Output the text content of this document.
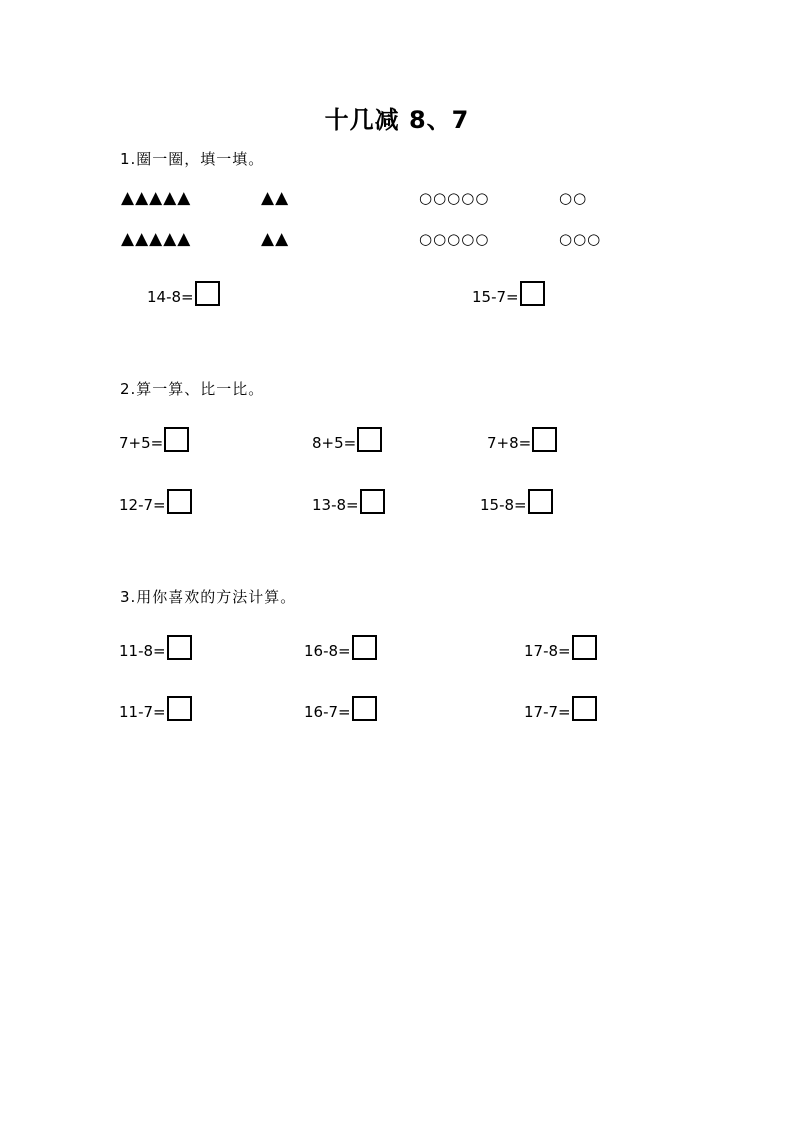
十几减 8、7
1.圈一圈，填一填。
▲▲▲▲▲	▲▲	○○○○○	○○
▲▲▲▲▲	▲▲	○○○○○	○○○
14-8=	15-7=
2.算一算、比一比。
7+5=	8+5=	7+8=
12-7=	13-8=	15-8=
3.用你喜欢的方法计算。
11-8=	16-8=	17-8=
11-7=	16-7=	17-7=
